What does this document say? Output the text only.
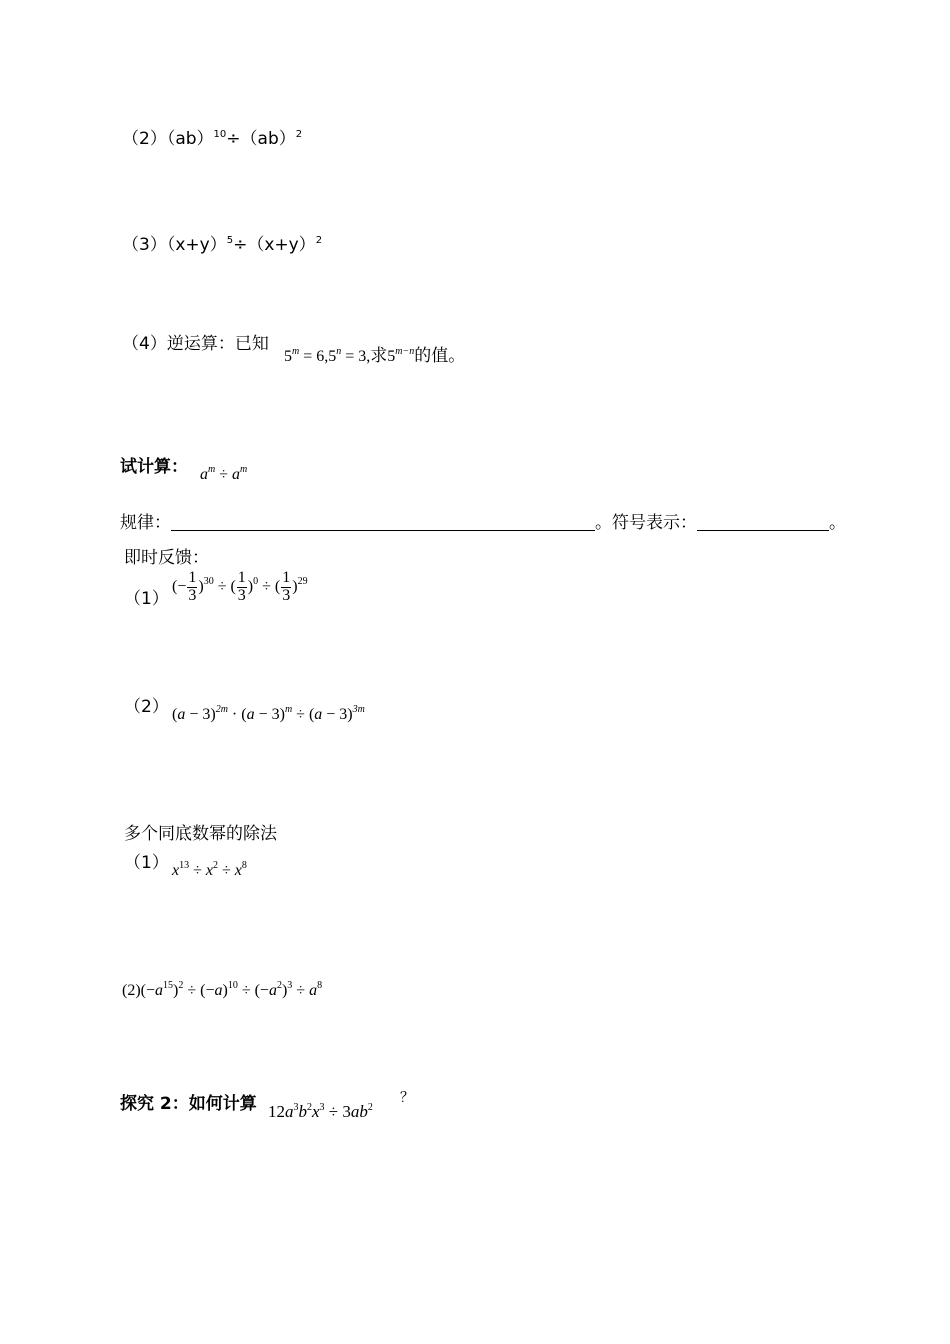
（2）（ab）$^{10}$÷（ab）$^2$
$(3)(x+y)^5\div(x+y)^2$
（4）逆运算：已知
$5^m = 6,5^n = 3$,求$5^{m-n}$的值。
试计算： $a^m \div a^m$
规律：	。符号表示：	。
即时反馈：
（1）
(− $\frac{1}{3} )^{30}$ ÷ ( $\frac{1}{3} )^0$ ÷ ( $\frac{1}{3} )^{29}$
（2） $(a - 3)^{2m} \cdot (a - 3)^m \div (a - 3)^{3m}$
多个同底数幂的除法
（1） $x^{13} \div x^2 \div x^8$
$(2)(-a^{15})^2 \div (-a)^{10} \div (-a^2)^3 \div a^8$
探究 2：如何计算 $12a^3b^2x^3 \div 3ab^2$
？
